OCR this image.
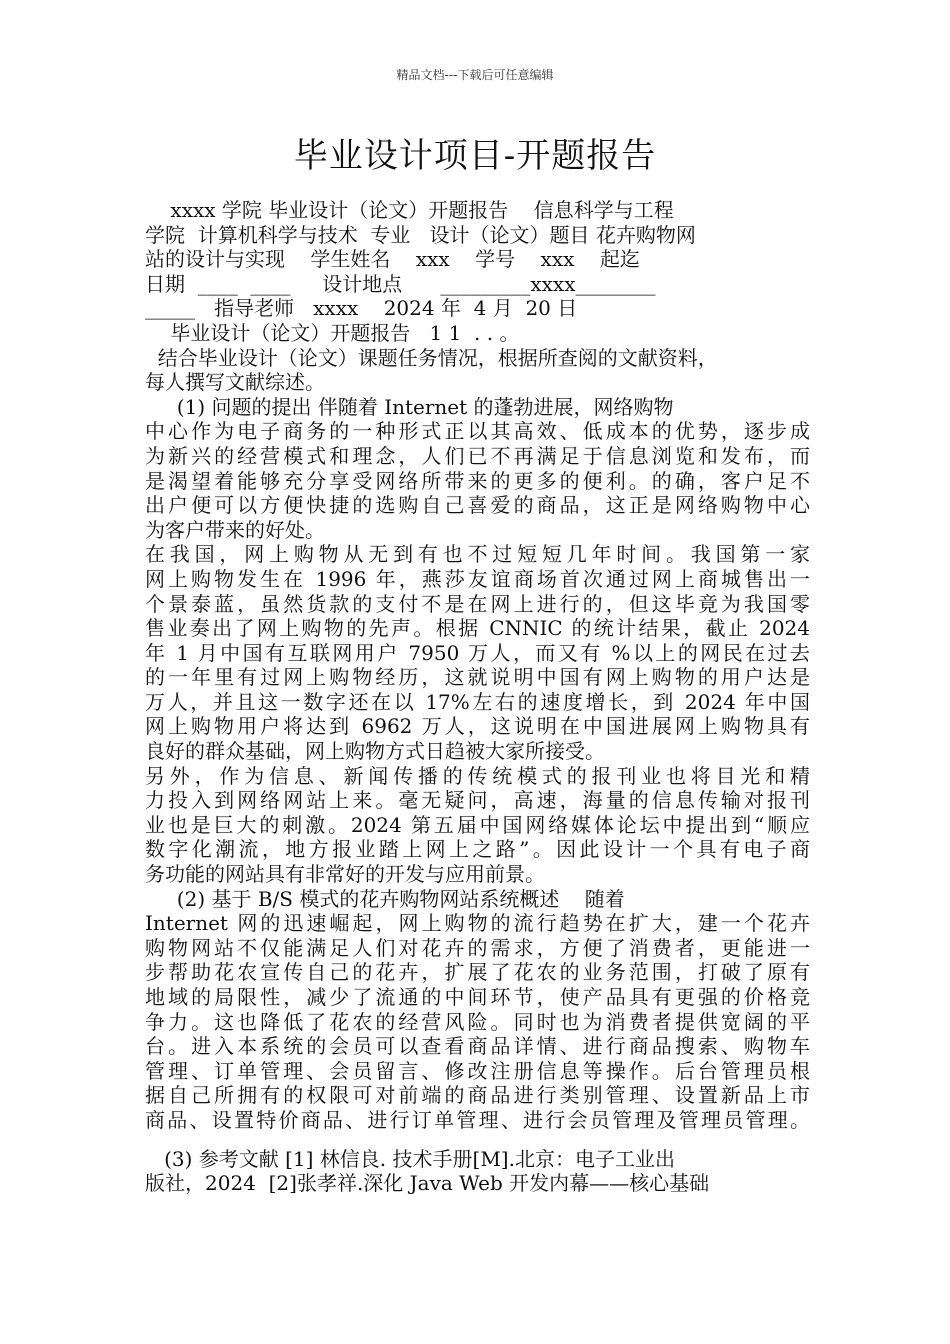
精品文档---下载后可任意编辑
毕业设计项目-开题报告
xxxx 学院 毕业设计（论文）开题报告    信息科学与工程
学院  计算机科学与技术  专业   设计（论文）题目 花卉购物网
站的设计与实现    学生姓名    xxx    学号    xxx    起迄
日期  ____  ____     设计地点      _________xxxx________
_____   指导老师   xxxx    2024 年  4 月  20 日
毕业设计（论文）开题报告   1 1  . . 。
结合毕业设计（论文）课题任务情况，根据所查阅的文献资料，
每人撰写文献综述。
(1) 问题的提出 伴随着 Internet 的蓬勃进展，网络购物
中心作为电子商务的一种形式正以其高效、低成本的优势，逐步成
为新兴的经营模式和理念，人们已不再满足于信息浏览和发布，而
是渴望着能够充分享受网络所带来的更多的便利。的确，客户足不
出户便可以方便快捷的选购自己喜爱的商品，这正是网络购物中心
为客户带来的好处。
在我国，网上购物从无到有也不过短短几年时间。我国第一家
网上购物发生在 1996 年，燕莎友谊商场首次通过网上商城售出一
个景泰蓝，虽然货款的支付不是在网上进行的，但这毕竟为我国零
售业奏出了网上购物的先声。根据 CNNIC 的统计结果，截止 2024
年 1 月中国有互联网用户 7950 万人，而又有 %以上的网民在过去
的一年里有过网上购物经历，这就说明中国有网上购物的用户达是
万人，并且这一数字还在以 17%左右的速度增长，到 2024 年中国
网上购物用户将达到 6962 万人，这说明在中国进展网上购物具有
良好的群众基础，网上购物方式日趋被大家所接受。
另外，作为信息、新闻传播的传统模式的报刊业也将目光和精
力投入到网络网站上来。毫无疑问，高速，海量的信息传输对报刊
业也是巨大的刺激。2024 第五届中国网络媒体论坛中提出到“顺应
数字化潮流，地方报业踏上网上之路”。因此设计一个具有电子商
务功能的网站具有非常好的开发与应用前景。
(2) 基于 B/S 模式的花卉购物网站系统概述    随着
Internet 网的迅速崛起，网上购物的流行趋势在扩大，建一个花卉
购物网站不仅能满足人们对花卉的需求，方便了消费者，更能进一
步帮助花农宣传自己的花卉，扩展了花农的业务范围，打破了原有
地域的局限性，减少了流通的中间环节，使产品具有更强的价格竞
争力。这也降低了花农的经营风险。同时也为消费者提供宽阔的平
台。进入本系统的会员可以查看商品详情、进行商品搜索、购物车
管理、订单管理、会员留言、修改注册信息等操作。后台管理员根
据自己所拥有的权限可对前端的商品进行类别管理、设置新品上市
商品、设置特价商品、进行订单管理、进行会员管理及管理员管理。
(3) 参考文献 [1] 林信良. 技术手册[M].北京：电子工业出
版社，2024  [2]张孝祥.深化 Java Web 开发内幕——核心基础
